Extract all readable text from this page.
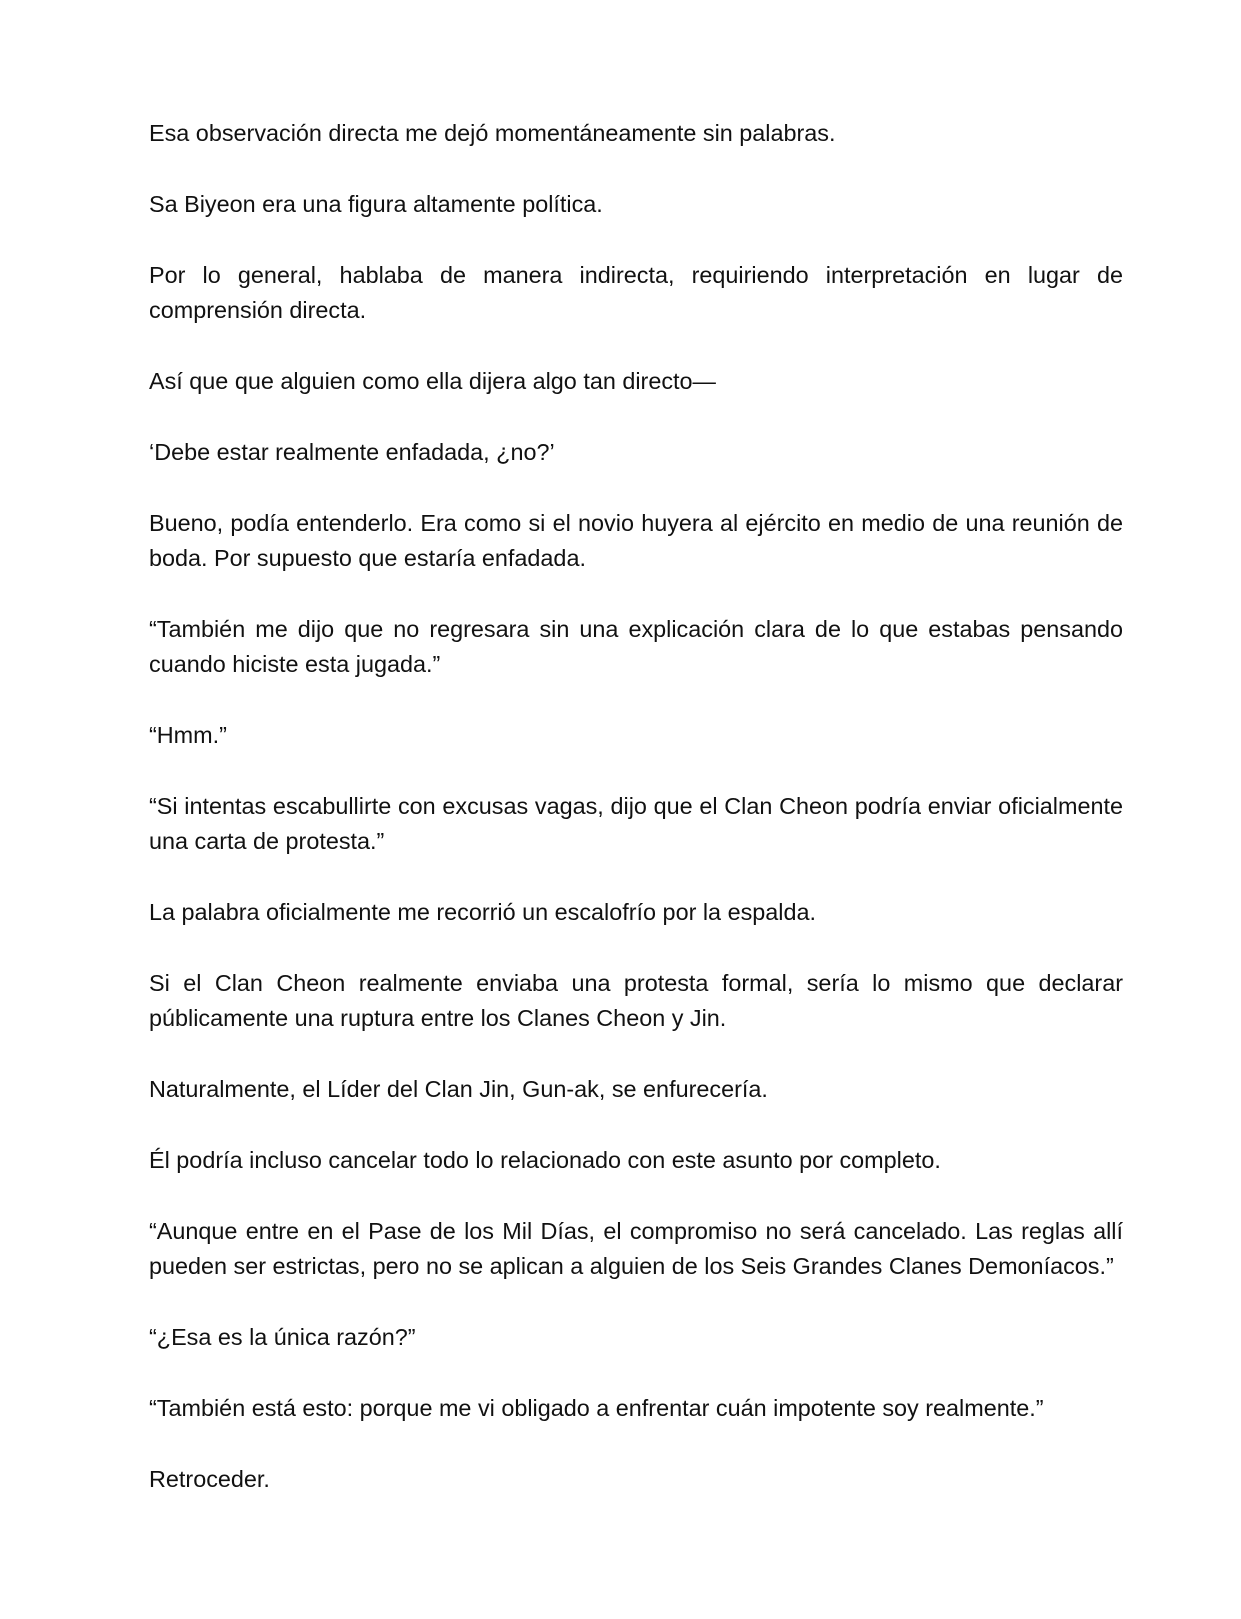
Esa observación directa me dejó momentáneamente sin palabras.

Sa Biyeon era una figura altamente política.

Por lo general, hablaba de manera indirecta, requiriendo interpretación en lugar de comprensión directa.

Así que que alguien como ella dijera algo tan directo—

‘Debe estar realmente enfadada, ¿no?’

Bueno, podía entenderlo. Era como si el novio huyera al ejército en medio de una reunión de boda. Por supuesto que estaría enfadada.

“También me dijo que no regresara sin una explicación clara de lo que estabas pensando cuando hiciste esta jugada.”

“Hmm.”

“Si intentas escabullirte con excusas vagas, dijo que el Clan Cheon podría enviar oficialmente una carta de protesta.”

La palabra oficialmente me recorrió un escalofrío por la espalda.

Si el Clan Cheon realmente enviaba una protesta formal, sería lo mismo que declarar públicamente una ruptura entre los Clanes Cheon y Jin.

Naturalmente, el Líder del Clan Jin, Gun-ak, se enfurecería.

Él podría incluso cancelar todo lo relacionado con este asunto por completo.

“Aunque entre en el Pase de los Mil Días, el compromiso no será cancelado. Las reglas allí pueden ser estrictas, pero no se aplican a alguien de los Seis Grandes Clanes Demoníacos.”

“¿Esa es la única razón?”

“También está esto: porque me vi obligado a enfrentar cuán impotente soy realmente.”

Retroceder.
